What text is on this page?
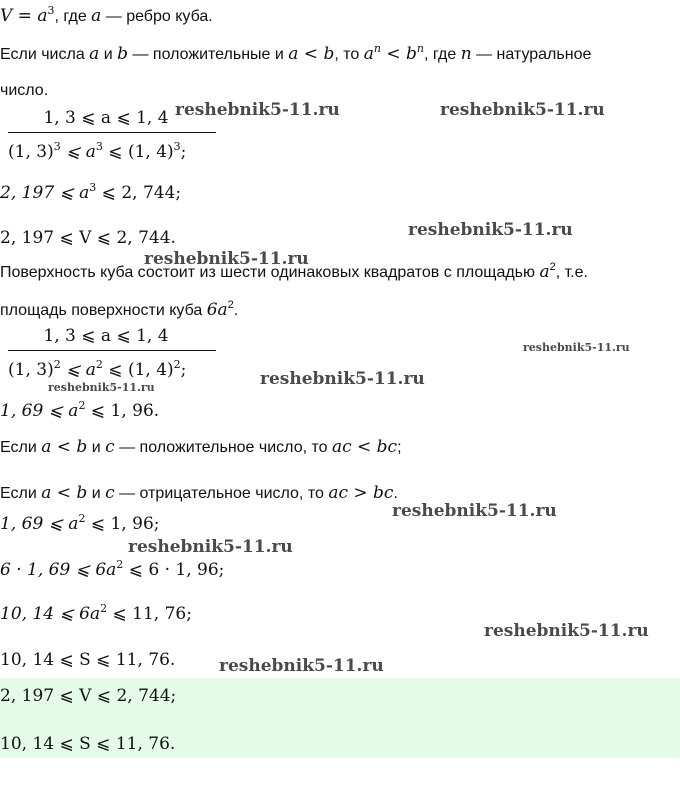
$V = a^3$, где a — ребро куба.
Если числа a и b — положительные и a < b, то $a^n < b^n$, где n — натуральное
число.
1, 3 ⩽ a ⩽ 1, 4
(1, 3)$^3$ ⩽ $a^3$ ⩽ (1, 4)$^3$;
2, 197 ⩽ $a^3$ ⩽ 2, 744;
2, 197 ⩽ V ⩽ 2, 744.
Поверхность куба состоит из шести одинаковых квадратов с площадью $a^2$, т.е.
площадь поверхности куба $6a^2$.
1, 3 ⩽ a ⩽ 1, 4
(1, 3)$^2$ ⩽ $a^2$ ⩽ (1, 4)$^2$;
1, 69 ⩽ $a^2$ ⩽ 1, 96.
Если a < b и c — положительное число, то ac < bc;
Если a < b и c — отрицательное число, то ac > bc.
1, 69 ⩽ $a^2$ ⩽ 1, 96;
6 · 1, 69 ⩽ $6a^2$ ⩽ 6 · 1, 96;
10, 14 ⩽ $6a^2$ ⩽ 11, 76;
10, 14 ⩽ S ⩽ 11, 76.
2, 197 ⩽ V ⩽ 2, 744;
10, 14 ⩽ S ⩽ 11, 76.
reshebnik5-11.ru	reshebnik5-11.ru
reshebnik5-11.ru
reshebnik5-11.ru
reshebnik5-11.ru
reshebnik5-11.ru
reshebnik5-11.ru
reshebnik5-11.ru
reshebnik5-11.ru
reshebnik5-11.ru
reshebnik5-11.ru
